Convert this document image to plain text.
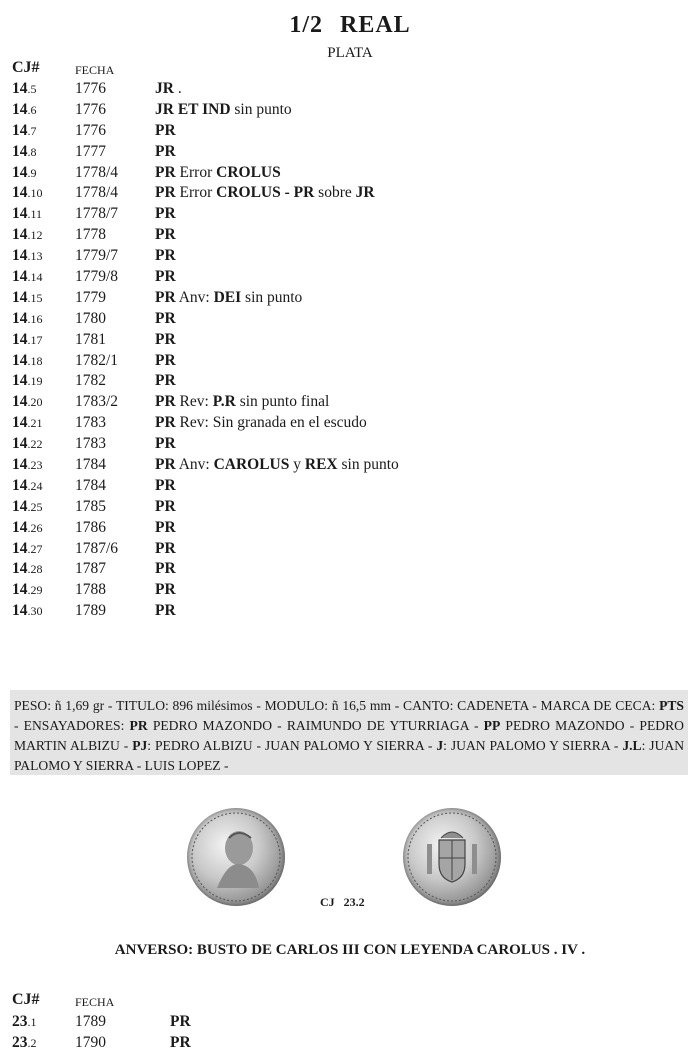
1/2 REAL
PLATA
CJ#	FECHA
14.5 1776	JR .
14.6 1776	JR ET IND sin punto
14.7 1776	PR
14.8 1777	PR
14.9 1778/4 PR Error CROLUS
14.10 1778/4 PR Error CROLUS - PR sobre JR
14.11 1778/7 PR
14.12 1778	PR
14.13 1779/7 PR
14.14 1779/8 PR
14.15 1779	PR Anv: DEI sin punto
14.16 1780	PR
14.17 1781	PR
14.18 1782/1 PR
14.19 1782	PR
14.20 1783/2 PR Rev: P.R sin punto final
14.21 1783	PR Rev: Sin granada en el escudo
14.22 1783	PR
14.23 1784	PR Anv: CAROLUS y REX sin punto
14.24 1784	PR
14.25 1785	PR
14.26 1786	PR
14.27 1787/6 PR
14.28 1787	PR
14.29 1788	PR
14.30 1789	PR
PESO: ñ 1,69 gr - TITULO: 896 milésimos - MODULO: ñ 16,5 mm - CANTO: CADENETA - MARCA DE CECA: PTS - ENSAYADORES: PR PEDRO MAZONDO - RAIMUNDO DE YTURRIAGA - PP PEDRO MAZONDO - PEDRO MARTIN ALBIZU - PJ: PEDRO ALBIZU - JUAN PALOMO Y SIERRA - J: JUAN PALOMO Y SIERRA - J.L: JUAN PALOMO Y SIERRA - LUIS LOPEZ -
CJ 23.2
ANVERSO: BUSTO DE CARLOS III CON LEYENDA CAROLUS . IV .
CJ#	FECHA
23.1 1789	PR
23.2 1790	PR
